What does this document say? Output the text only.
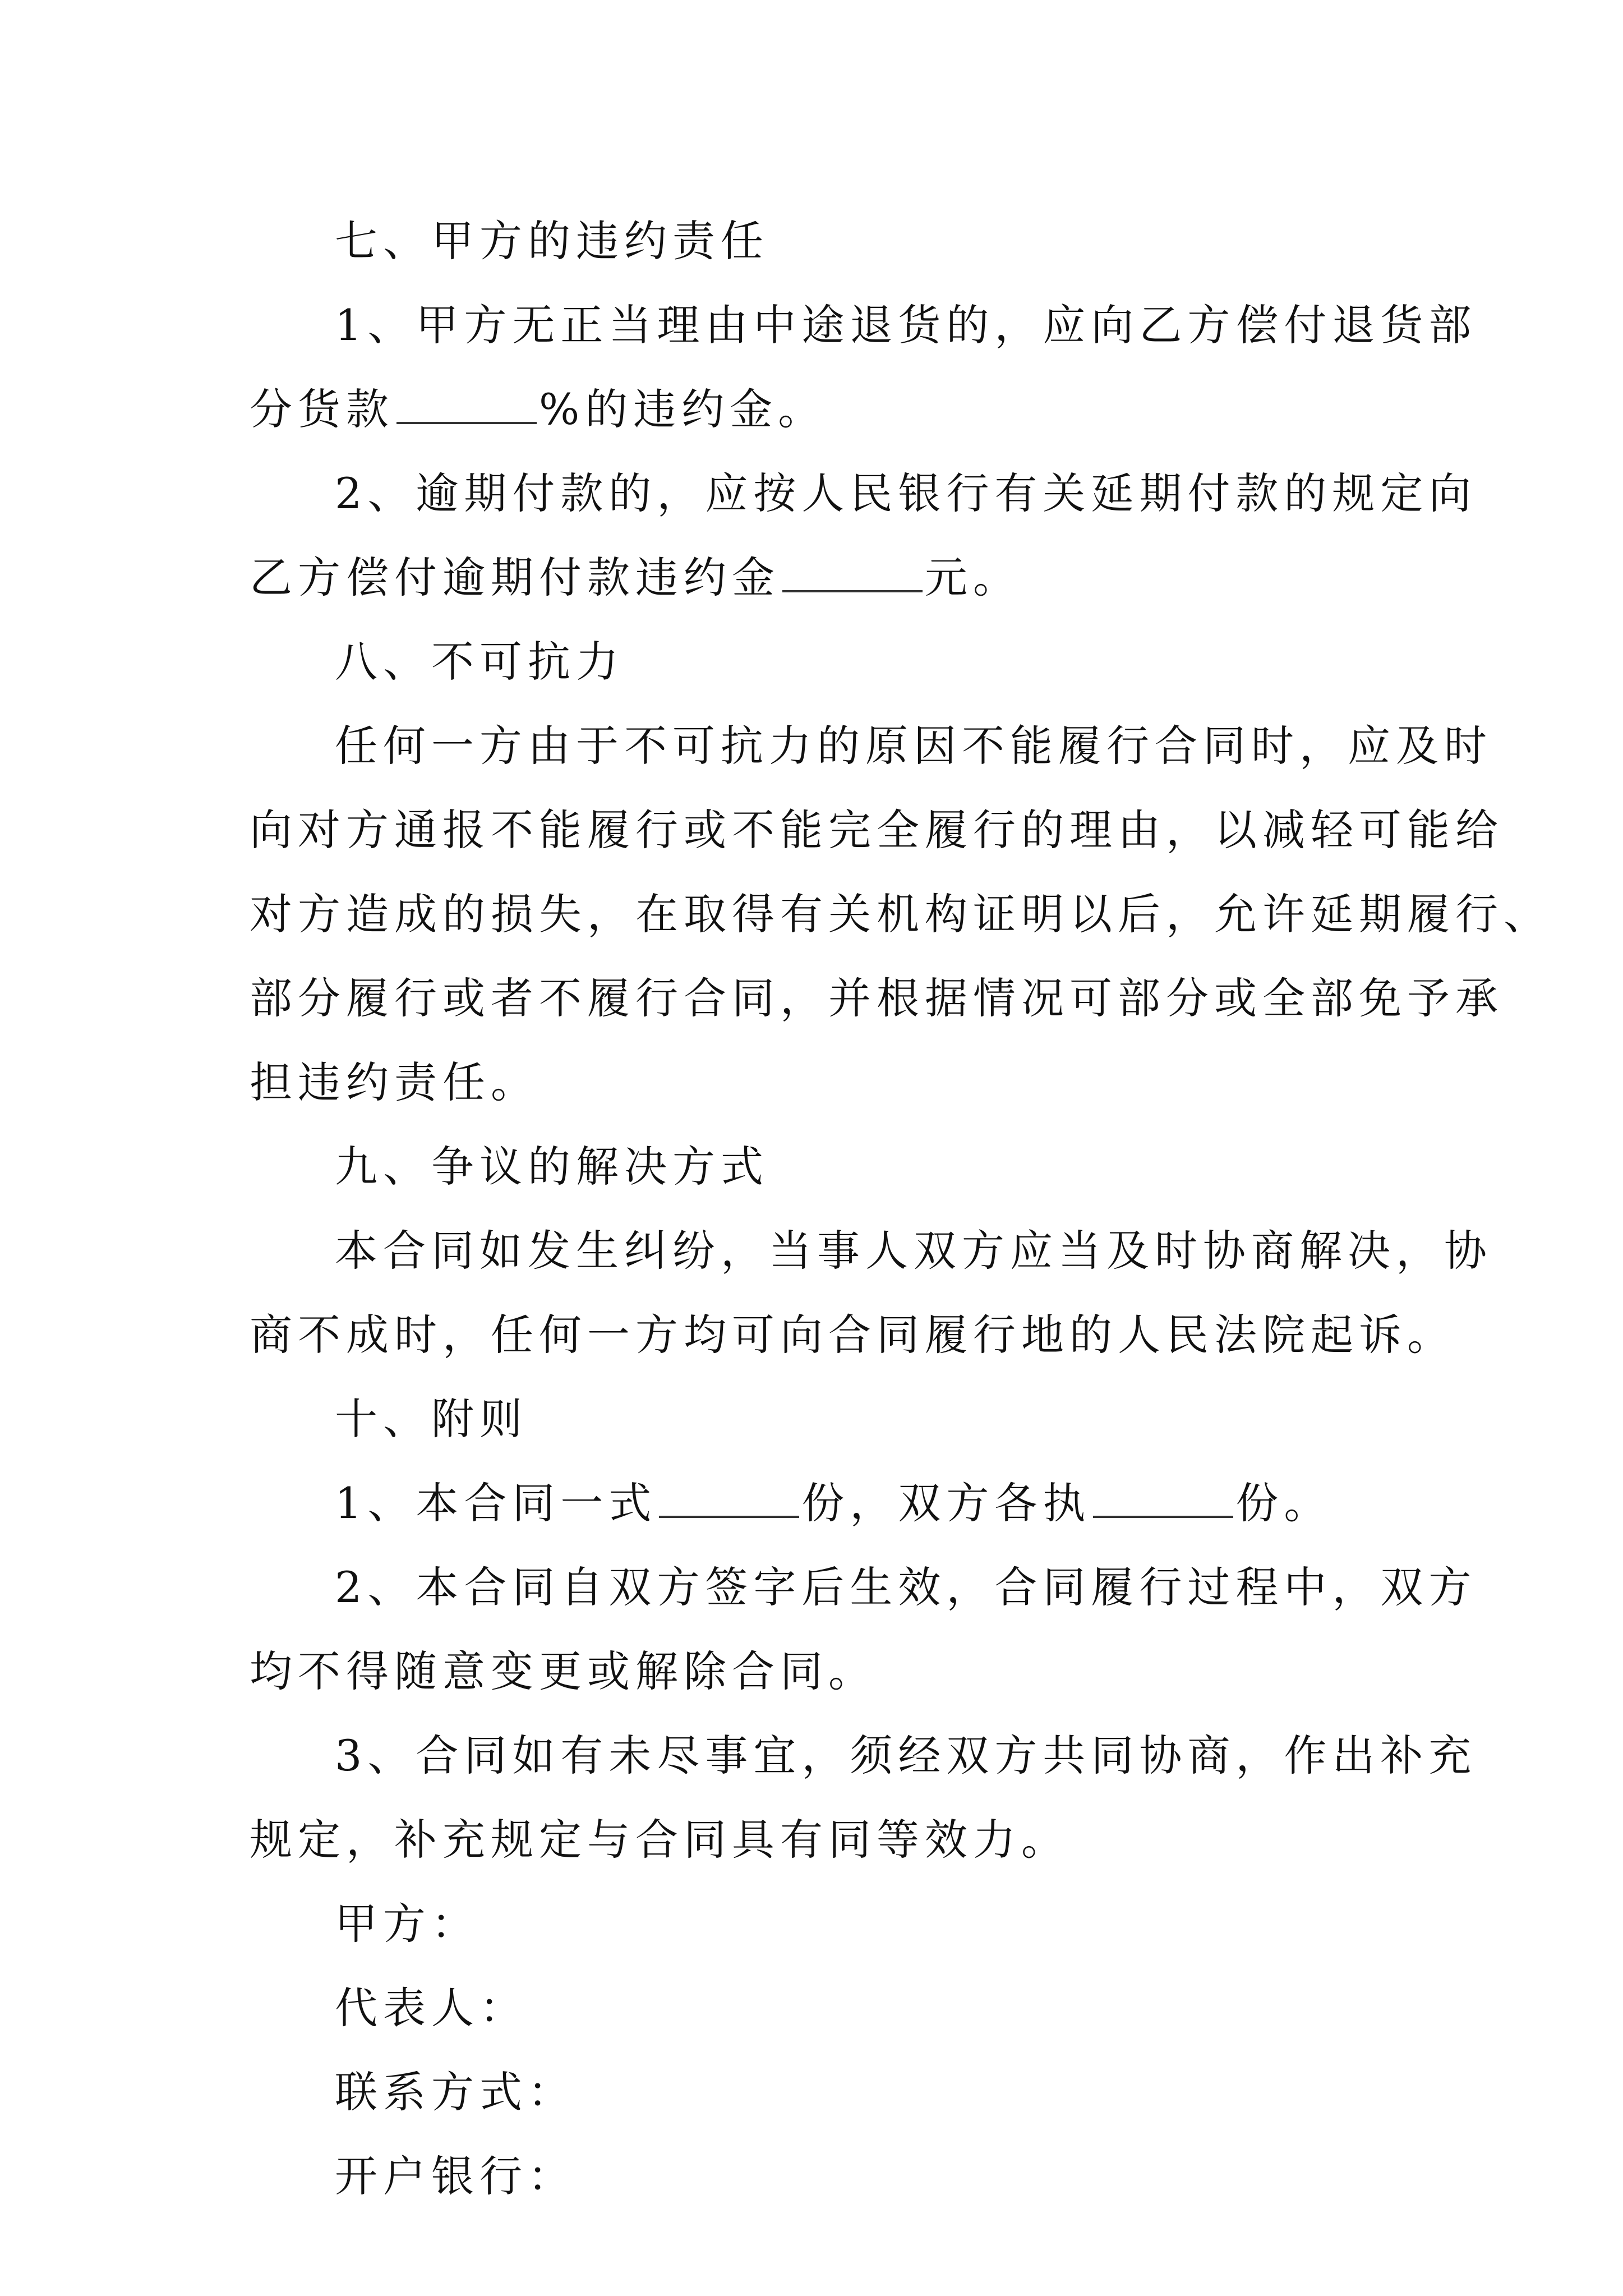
七、甲方的违约责任
1、甲方无正当理由中途退货的，应向乙方偿付退货部
分货款	%的违约金。
2、逾期付款的，应按人民银行有关延期付款的规定向
乙方偿付逾期付款违约金	元。
八、不可抗力
任何一方由于不可抗力的原因不能履行合同时，应及时
向对方通报不能履行或不能完全履行的理由，以减轻可能给
对方造成的损失，在取得有关机构证明以后，允许延期履行、
部分履行或者不履行合同，并根据情况可部分或全部免予承
担违约责任。
九、争议的解决方式
本合同如发生纠纷，当事人双方应当及时协商解决，协
商不成时，任何一方均可向合同履行地的人民法院起诉。
十、附则
1、本合同一式	份，双方各执	份。
2、本合同自双方签字后生效，合同履行过程中，双方
均不得随意变更或解除合同。
3、合同如有未尽事宜，须经双方共同协商，作出补充
规定，补充规定与合同具有同等效力。
甲方：
代表人：
联系方式：
开户银行：
